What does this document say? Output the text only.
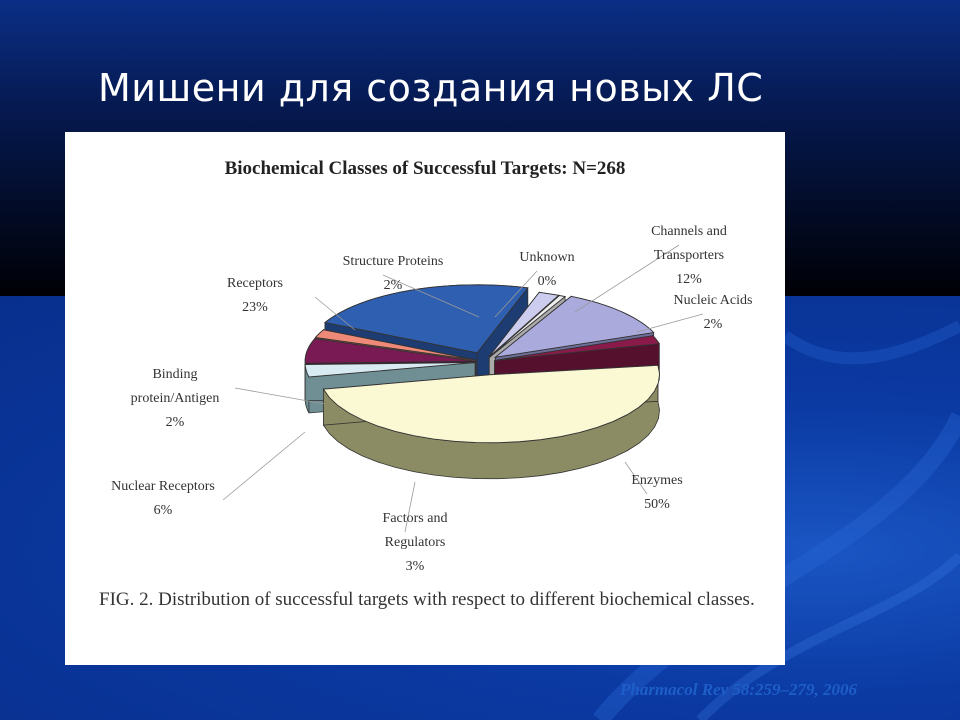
Мишени для создания новых ЛС
Biochemical Classes of Successful Targets: N=268
Enzymes
50%
Factors and
Regulators
3%
Nuclear Receptors
6%
Binding
protein/Antigen
2%
Receptors
23%
Structure Proteins
2%
Unknown
0%
Channels and
Transporters
12%
Nucleic Acids
2%
FIG. 2. Distribution of successful targets with respect to different biochemical classes.
Pharmacol Rev 58:259–279, 2006
